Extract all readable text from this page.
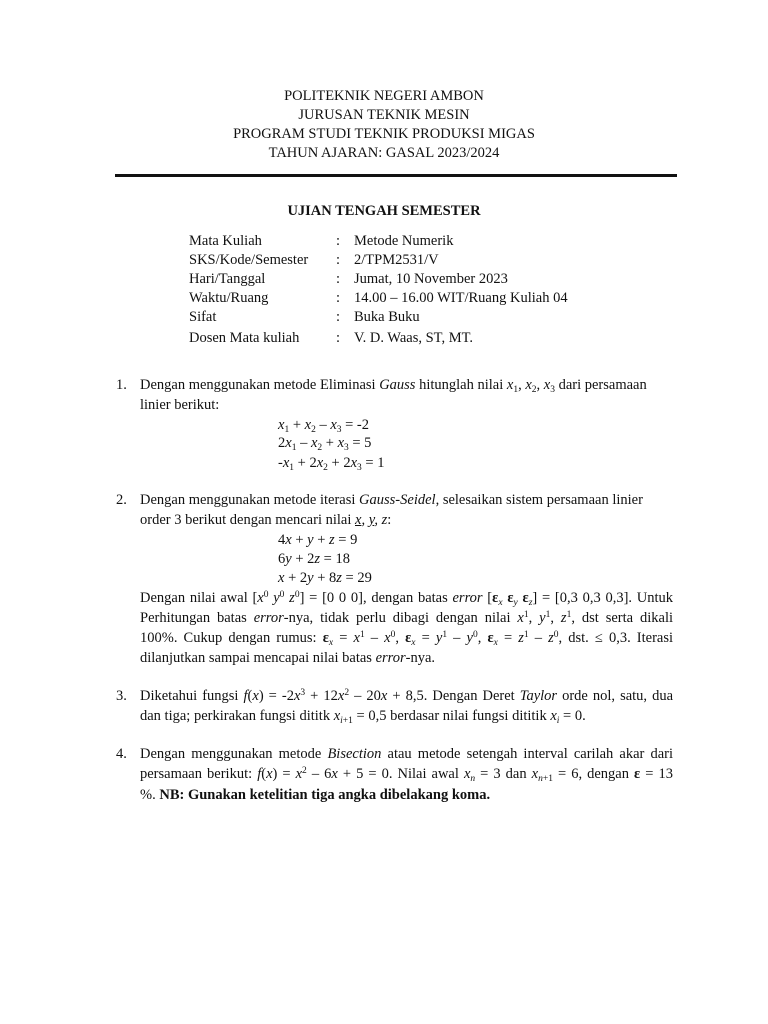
POLITEKNIK NEGERI AMBON
JURUSAN TEKNIK MESIN
PROGRAM STUDI TEKNIK PRODUKSI MIGAS
TAHUN AJARAN: GASAL 2023/2024
UJIAN TENGAH SEMESTER
Mata Kuliah	: Metode Numerik
SKS/Kode/Semester : 2/TPM2531/V
Hari/Tanggal	: Jumat, 10 November 2023
Waktu/Ruang	: 14.00 – 16.00 WIT/Ruang Kuliah 04
Sifat	: Buka Buku
Dosen Mata kuliah	: V. D. Waas, ST, MT.
1. Dengan menggunakan metode Eliminasi Gauss hitunglah nilai $x_1$, $x_2$, $x_3$ dari persamaan
linier berikut:
$x_1 + x_2 - x_3 = -2$
$2x_1 - x_2 + x_3 = 5$
$-x_1 + 2x_2 + 2x_3 = 1$
2. Dengan menggunakan metode iterasi Gauss-Seidel, selesaikan sistem persamaan linier
order 3 berikut dengan mencari nilai x, y, z:
4x + y + z = 9
6y + 2z = 18
x + 2y + 8z = 29
Dengan nilai awal [$x^0$ $y^0$ $z^0] = [0$ 0 0], dengan batas error [$\varepsilon_x$ $\varepsilon_y$ $\varepsilon_z] = [0,3$ 0,3 0,3]. Untuk
Perhitungan batas error-nya, tidak perlu dibagi dengan nilai $x^1$, $y^1$, $z^1$, dst serta dikali
100%. Cukup dengan rumus: $\varepsilon_x = x^1 - x^0$, $\varepsilon_x = y^1 - y^0$, $\varepsilon_x = z^1 - z^0$, dst. ≤ 0,3. Iterasi
dilanjutkan sampai mencapai nilai batas error-nya.
3. Diketahui fungsi $f(x) = -2x^3 + 12x^2 - 20x + 8,5$. Dengan Deret Taylor orde nol, satu, dua
dan tiga; perkirakan fungsi dititk $x_{i+1} = 0,5$ berdasar nilai fungsi dititik $x_i = 0$.
4. Dengan menggunakan metode Bisection atau metode setengah interval carilah akar dari
persamaan berikut: $f(x) = x^2 - 6x + 5 = 0$. Nilai awal $x_n = 3$ dan $x_{n+1} = 6$, dengan ε = 13
%. NB: Gunakan ketelitian tiga angka dibelakang koma.
